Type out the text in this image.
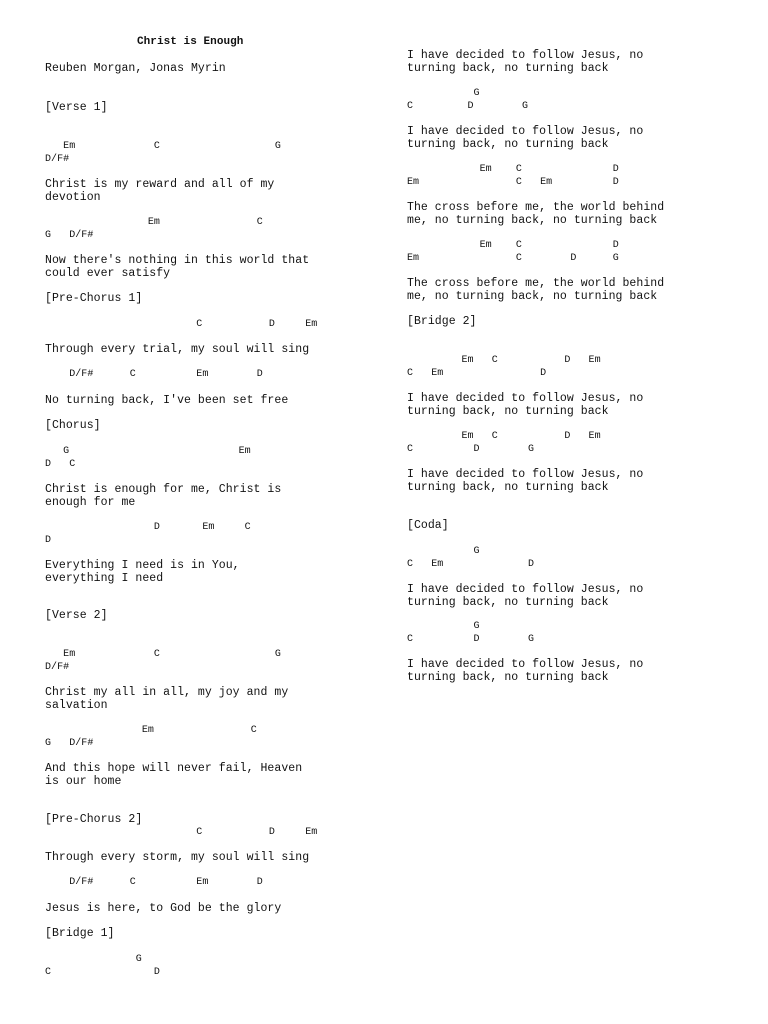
Christ is Enough
Reuben Morgan, Jonas Myrin
[Verse 1]
Em             C                   G
D/F#
Christ is my reward and all of my
devotion
Em                C
G   D/F#
Now there's nothing in this world that
could ever satisfy
[Pre-Chorus 1]
C           D     Em
Through every trial, my soul will sing
D/F#      C          Em        D
No turning back, I've been set free
[Chorus]
G                            Em
D   C
Christ is enough for me, Christ is
enough for me
D       Em     C
D
Everything I need is in You,
everything I need
[Verse 2]
Em             C                   G
D/F#
Christ my all in all, my joy and my
salvation
Em                C
G   D/F#
And this hope will never fail, Heaven
is our home
[Pre-Chorus 2]
C           D     Em
Through every storm, my soul will sing
D/F#      C          Em        D
Jesus is here, to God be the glory
[Bridge 1]
G
C                 D
I have decided to follow Jesus, no
turning back, no turning back
G
C         D        G
I have decided to follow Jesus, no
turning back, no turning back
Em    C               D
Em                C   Em          D
The cross before me, the world behind
me, no turning back, no turning back
Em    C               D
Em                C        D      G
The cross before me, the world behind
me, no turning back, no turning back
[Bridge 2]
Em   C           D   Em
C   Em                D
I have decided to follow Jesus, no
turning back, no turning back
Em   C           D   Em
C          D        G
I have decided to follow Jesus, no
turning back, no turning back
[Coda]
G
C   Em              D
I have decided to follow Jesus, no
turning back, no turning back
G
C          D        G
I have decided to follow Jesus, no
turning back, no turning back
